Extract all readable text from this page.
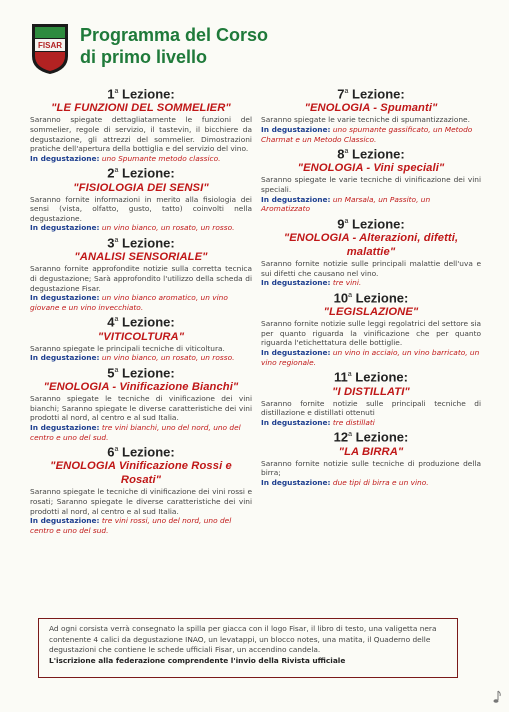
FISAR
Programma del Corso
di primo livello
1$^a$ Lezione:
"LE FUNZIONI DEL SOMMELIER"
Saranno spiegate dettagliatamente le funzioni del sommelier, regole di servizio, il tastevin, il bicchiere da degustazione, gli attrezzi del sommelier. Dimostrazioni pratiche dell'apertura della bottiglia e del servizio del vino.
In degustazione: uno Spumante metodo classico.
2$^a$ Lezione:
"FISIOLOGIA DEI SENSI"
Saranno fornite informazioni in merito alla fisiologia dei sensi (vista, olfatto, gusto, tatto) coinvolti nella degustazione.
In degustazione: un vino bianco, un rosato, un rosso.
3$^a$ Lezione:
"ANALISI SENSORIALE"
Saranno fornite approfondite notizie sulla corretta tecnica di degustazione; Sarà approfondito l'utilizzo della scheda di degustazione Fisar.
In degustazione: un vino bianco aromatico, un vino giovane e un vino invecchiato.
4$^a$ Lezione:
"VITICOLTURA"
Saranno spiegate le principali tecniche di viticoltura.
In degustazione: un vino bianco, un rosato, un rosso.
5$^a$ Lezione:
"ENOLOGIA - Vinificazione Bianchi"
Saranno spiegate le tecniche di vinificazione dei vini bianchi; Saranno spiegate le diverse caratteristiche dei vini prodotti al nord, al centro e al sud Italia.
In degustazione: tre vini bianchi, uno del nord, uno del centro e uno del sud.
6$^a$ Lezione:
"ENOLOGIA Vinificazione Rossi e Rosati"
Saranno spiegate le tecniche di vinificazione dei vini rossi e rosati; Saranno spiegate le diverse caratteristiche dei vini prodotti al nord, al centro e al sud Italia.
In degustazione: tre vini rossi, uno del nord, uno del centro e uno del sud.
7$^a$ Lezione:
"ENOLOGIA - Spumanti"
Saranno spiegate le varie tecniche di spumantizzazione.
In degustazione: uno spumante gassificato, un Metodo Charmat e un Metodo Classico.
8$^a$ Lezione:
"ENOLOGIA - Vini speciali"
Saranno spiegate le varie tecniche di vinificazione dei vini speciali.
In degustazione: un Marsala, un Passito, un Aromatizzato
9$^a$ Lezione:
"ENOLOGIA - Alterazioni, difetti, malattie"
Saranno fornite notizie sulle principali malattie dell'uva e sui difetti che causano nel vino.
In degustazione: tre vini.
10$^a$ Lezione:
"LEGISLAZIONE"
Saranno fornite notizie sulle leggi regolatrici del settore sia per quanto riguarda la vinificazione che per quanto riguarda l'etichettatura delle bottiglie.
In degustazione: un vino in acciaio, un vino barricato, un vino regionale.
11$^a$ Lezione:
"I DISTILLATI"
Saranno fornite notizie sulle principali tecniche di distillazione e distillati ottenuti
In degustazione: tre distillati
12$^a$ Lezione:
"LA BIRRA"
Saranno fornite notizie sulle tecniche di produzione della birra;
In degustazione: due tipi di birra e un vino.
Ad ogni corsista verrà consegnato la spilla per giacca con il logo Fisar, il libro di testo, una valigetta nera contenente 4 calici da degustazione INAO, un levatappi, un blocco notes, una matita, il Quaderno delle degustazioni che contiene le schede ufficiali Fisar, un accendino candela.
L'iscrizione alla federazione comprendente l'invio della Rivista ufficiale
